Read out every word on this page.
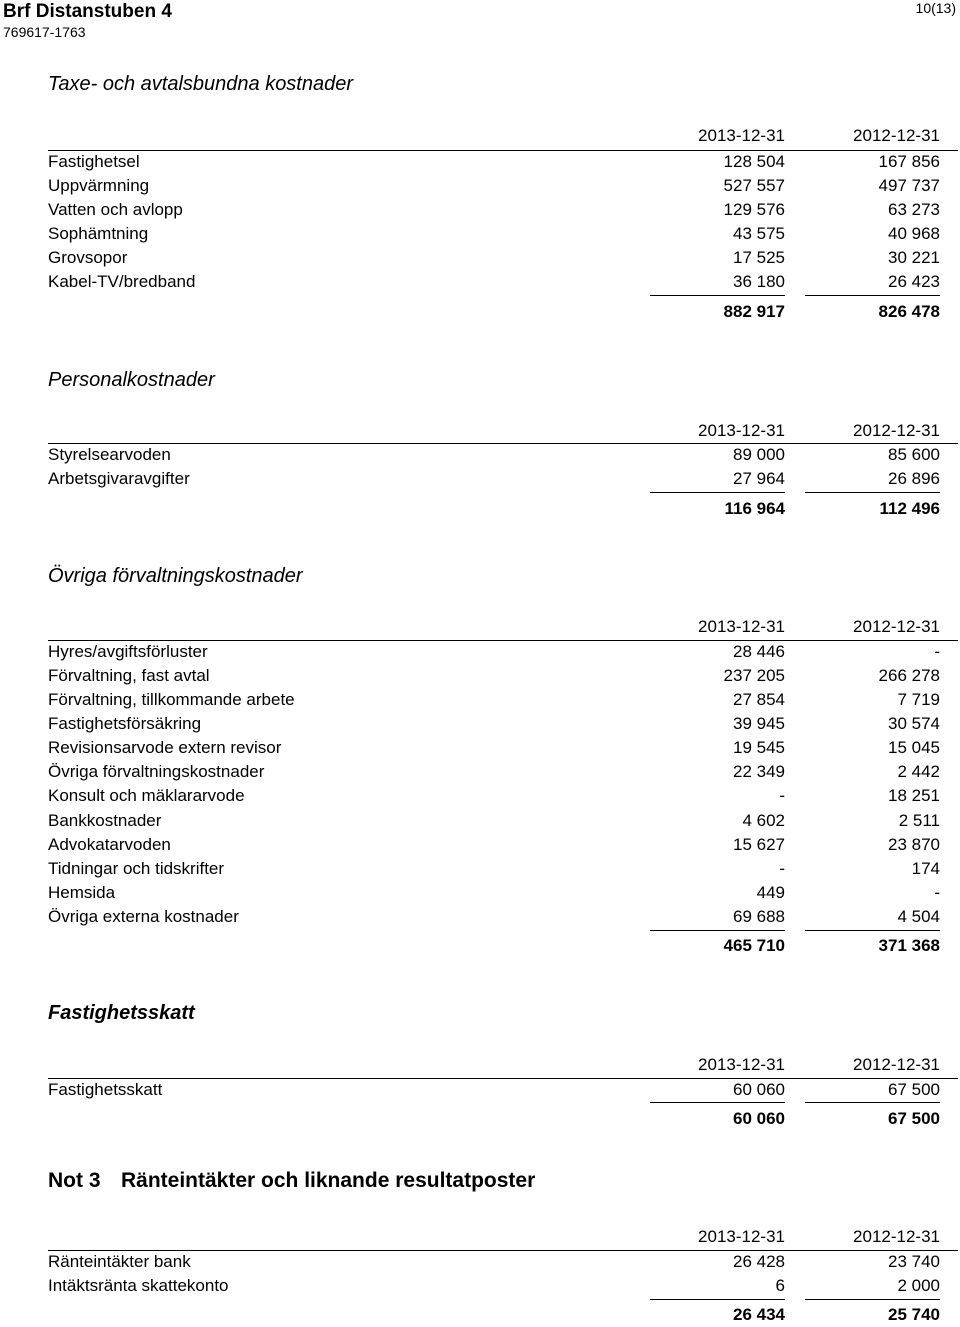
Brf Distanstuben 4
769617-1763
10(13)
Taxe- och avtalsbundna kostnader
2013-12-31	2012-12-31
Fastighetsel	128 504	167 856
Uppvärmning	527 557	497 737
Vatten och avlopp	129 576	63 273
Sophämtning	43 575	40 968
Grovsopor	17 525	30 221
Kabel-TV/bredband	36 180	26 423
882 917	826 478
Personalkostnader
2013-12-31	2012-12-31
Styrelsearvoden	89 000	85 600
Arbetsgivaravgifter	27 964	26 896
116 964	112 496
Övriga förvaltningskostnader
2013-12-31	2012-12-31
Hyres/avgiftsförluster	28 446	-
Förvaltning, fast avtal	237 205	266 278
Förvaltning, tillkommande arbete	27 854	7 719
Fastighetsförsäkring	39 945	30 574
Revisionsarvode extern revisor	19 545	15 045
Övriga förvaltningskostnader	22 349	2 442
Konsult och mäklararvode	-	18 251
Bankkostnader	4 602	2 511
Advokatarvoden	15 627	23 870
Tidningar och tidskrifter	-	174
Hemsida	449	-
Övriga externa kostnader	69 688	4 504
465 710	371 368
Fastighetsskatt
2013-12-31	2012-12-31
Fastighetsskatt	60 060	67 500
60 060	67 500
Not 3 Ränteintäkter och liknande resultatposter
2013-12-31	2012-12-31
Ränteintäkter bank	26 428	23 740
Intäktsränta skattekonto	6	2 000
26 434	25 740
